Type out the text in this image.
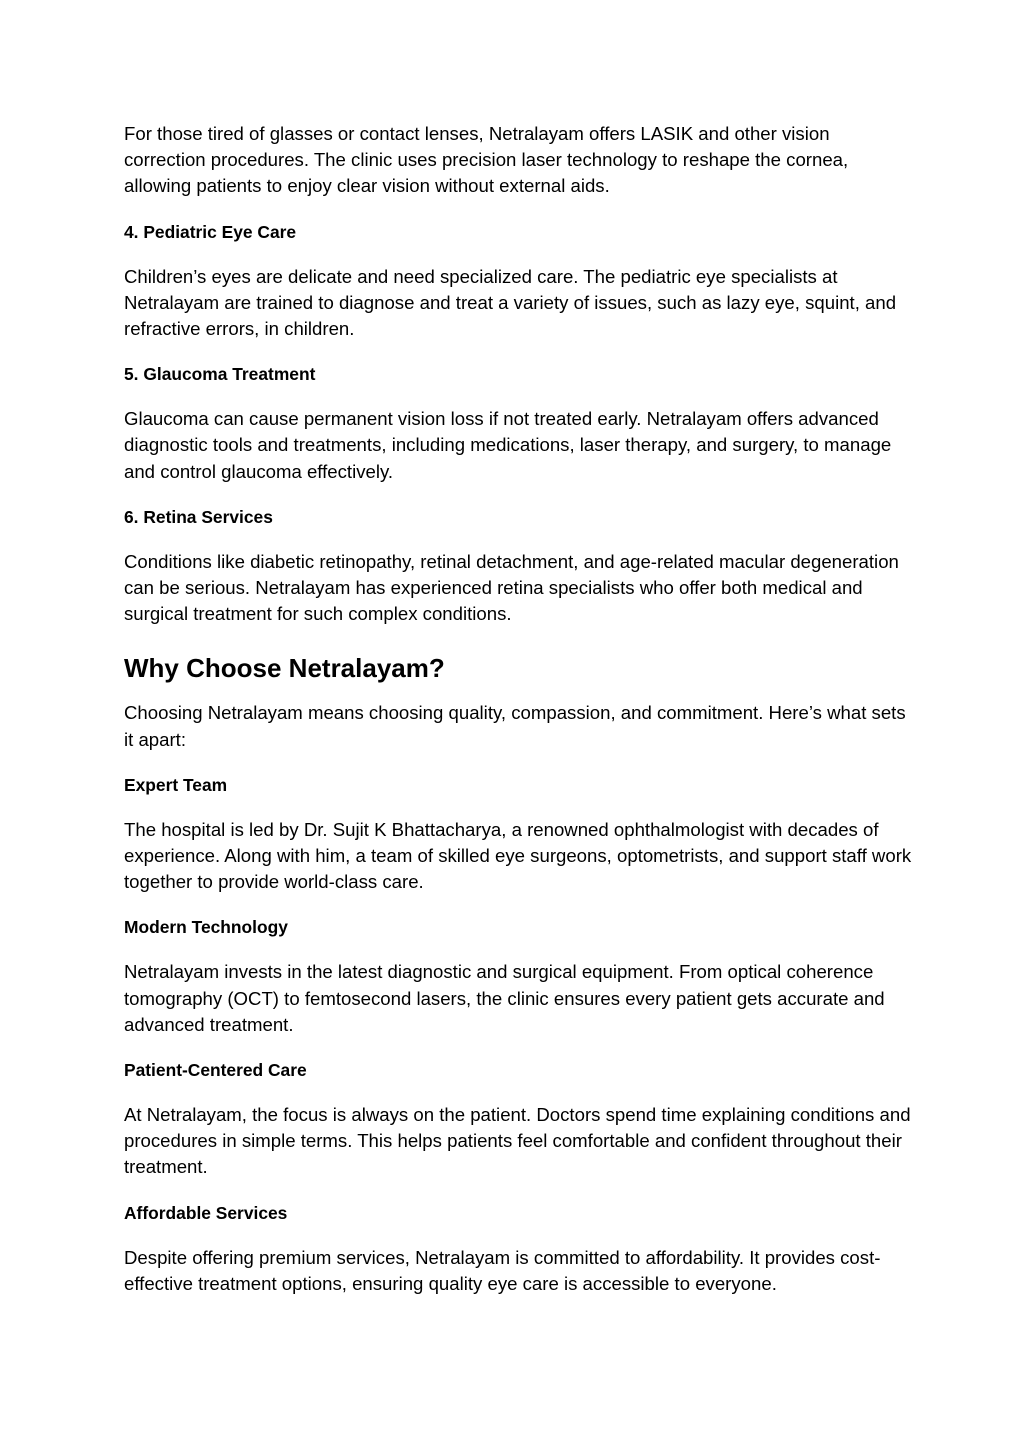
For those tired of glasses or contact lenses, Netralayam offers LASIK and other vision correction procedures. The clinic uses precision laser technology to reshape the cornea, allowing patients to enjoy clear vision without external aids.

4. Pediatric Eye Care

Children’s eyes are delicate and need specialized care. The pediatric eye specialists at Netralayam are trained to diagnose and treat a variety of issues, such as lazy eye, squint, and refractive errors, in children.

5. Glaucoma Treatment

Glaucoma can cause permanent vision loss if not treated early. Netralayam offers advanced diagnostic tools and treatments, including medications, laser therapy, and surgery, to manage and control glaucoma effectively.

6. Retina Services

Conditions like diabetic retinopathy, retinal detachment, and age-related macular degeneration can be serious. Netralayam has experienced retina specialists who offer both medical and surgical treatment for such complex conditions.

Why Choose Netralayam?

Choosing Netralayam means choosing quality, compassion, and commitment. Here’s what sets it apart:

Expert Team

The hospital is led by Dr. Sujit K Bhattacharya, a renowned ophthalmologist with decades of experience. Along with him, a team of skilled eye surgeons, optometrists, and support staff work together to provide world-class care.

Modern Technology

Netralayam invests in the latest diagnostic and surgical equipment. From optical coherence tomography (OCT) to femtosecond lasers, the clinic ensures every patient gets accurate and advanced treatment.

Patient-Centered Care

At Netralayam, the focus is always on the patient. Doctors spend time explaining conditions and procedures in simple terms. This helps patients feel comfortable and confident throughout their treatment.

Affordable Services

Despite offering premium services, Netralayam is committed to affordability. It provides cost-effective treatment options, ensuring quality eye care is accessible to everyone.
